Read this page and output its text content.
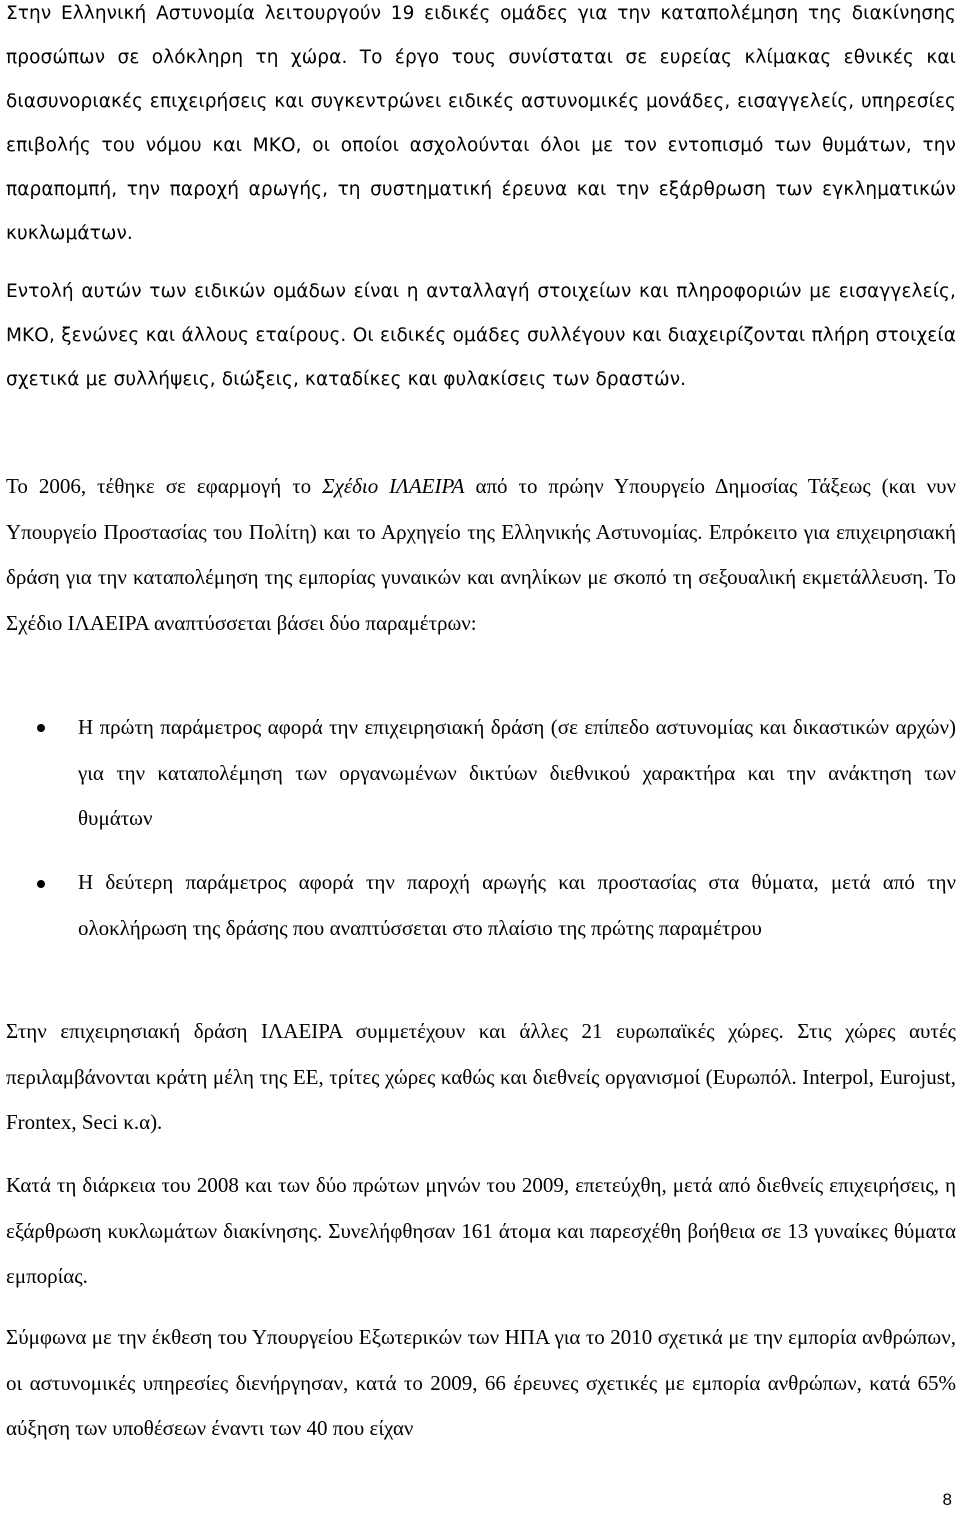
Στην Ελληνική Αστυνομία λειτουργούν 19 ειδικές ομάδες για την καταπολέμηση της διακίνησης προσώπων σε ολόκληρη τη χώρα. Το έργο τους συνίσταται σε ευρείας κλίμακας εθνικές και διασυνοριακές επιχειρήσεις και συγκεντρώνει ειδικές αστυνομικές μονάδες, εισαγγελείς, υπηρεσίες επιβολής του νόμου και ΜΚΟ, οι οποίοι ασχολούνται όλοι με τον εντοπισμό των θυμάτων, την παραπομπή, την παροχή αρωγής, τη συστηματική έρευνα και την εξάρθρωση των εγκληματικών κυκλωμάτων.

Εντολή αυτών των ειδικών ομάδων είναι η ανταλλαγή στοιχείων και πληροφοριών με εισαγγελείς, ΜΚΟ, ξενώνες και άλλους εταίρους. Οι ειδικές ομάδες συλλέγουν και διαχειρίζονται πλήρη στοιχεία σχετικά με συλλήψεις, διώξεις, καταδίκες και φυλακίσεις των δραστών.

Το 2006, τέθηκε σε εφαρμογή το Σχέδιο ΙΛΑΕΙΡΑ από το πρώην Υπουργείο Δημοσίας Τάξεως (και νυν Υπουργείο Προστασίας του Πολίτη) και το Αρχηγείο της Ελληνικής Αστυνομίας. Επρόκειτο για επιχειρησιακή δράση για την καταπολέμηση της εμπορίας γυναικών και ανηλίκων με σκοπό τη σεξουαλική εκμετάλλευση. Το Σχέδιο ΙΛΑΕΙΡΑ αναπτύσσεται βάσει δύο παραμέτρων:

Η πρώτη παράμετρος αφορά την επιχειρησιακή δράση (σε επίπεδο αστυνομίας και δικαστικών αρχών) για την καταπολέμηση των οργανωμένων δικτύων διεθνικού χαρακτήρα και την ανάκτηση των θυμάτων

Η δεύτερη παράμετρος αφορά την παροχή αρωγής και προστασίας στα θύματα, μετά από την ολοκλήρωση της δράσης που αναπτύσσεται στο πλαίσιο της πρώτης παραμέτρου

Στην επιχειρησιακή δράση ΙΛΑΕΙΡΑ συμμετέχουν και άλλες 21 ευρωπαϊκές χώρες. Στις χώρες αυτές περιλαμβάνονται κράτη μέλη της ΕΕ, τρίτες χώρες καθώς και διεθνείς οργανισμοί (Ευρωπόλ. Interpol, Eurojust, Frontex, Seci κ.α).

Κατά τη διάρκεια του 2008 και των δύο πρώτων μηνών του 2009, επετεύχθη, μετά από διεθνείς επιχειρήσεις, η εξάρθρωση κυκλωμάτων διακίνησης. Συνελήφθησαν 161 άτομα και παρεσχέθη βοήθεια σε 13 γυναίκες θύματα εμπορίας.

Σύμφωνα με την έκθεση του Υπουργείου Εξωτερικών των ΗΠΑ για το 2010 σχετικά με την εμπορία ανθρώπων, οι αστυνομικές υπηρεσίες διενήργησαν, κατά το 2009, 66 έρευνες σχετικές με εμπορία ανθρώπων, κατά 65% αύξηση των υποθέσεων έναντι των 40 που είχαν

8
